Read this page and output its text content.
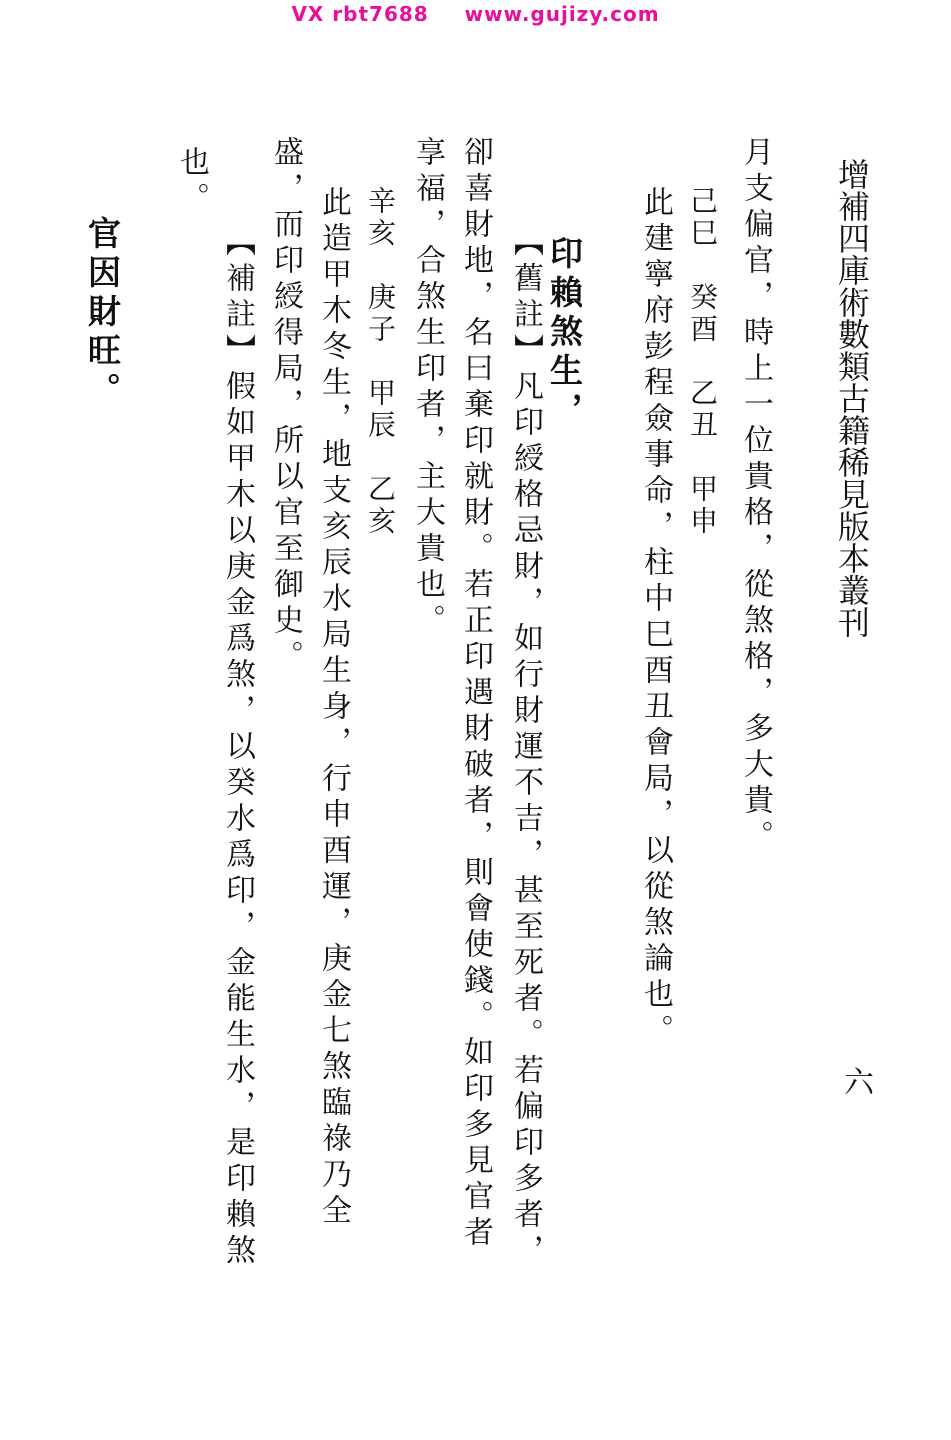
VX rbt7688 www.gujizy.com
增補四庫術數類古籍稀見版本叢刊
六
月支偏官，時上一位貴格，從煞格，多大貴。
己巳　癸酉　乙丑　甲申
此建寧府彭程僉事命，柱中巳酉丑會局，以從煞論也。
印賴煞生，
【舊註】凡印綬格忌財，如行財運不吉，甚至死者。若偏印多者，
卻喜財地，名曰棄印就財。若正印遇財破者，則會使錢。如印多見官者
享福，合煞生印者，主大貴也。
辛亥　庚子　甲辰　乙亥
此造甲木冬生，地支亥辰水局生身，行申酉運，庚金七煞臨祿乃全
盛，而印綬得局，所以官至御史。
【補註】假如甲木以庚金爲煞，以癸水爲印，金能生水，是印賴煞
也。
官因財旺。
